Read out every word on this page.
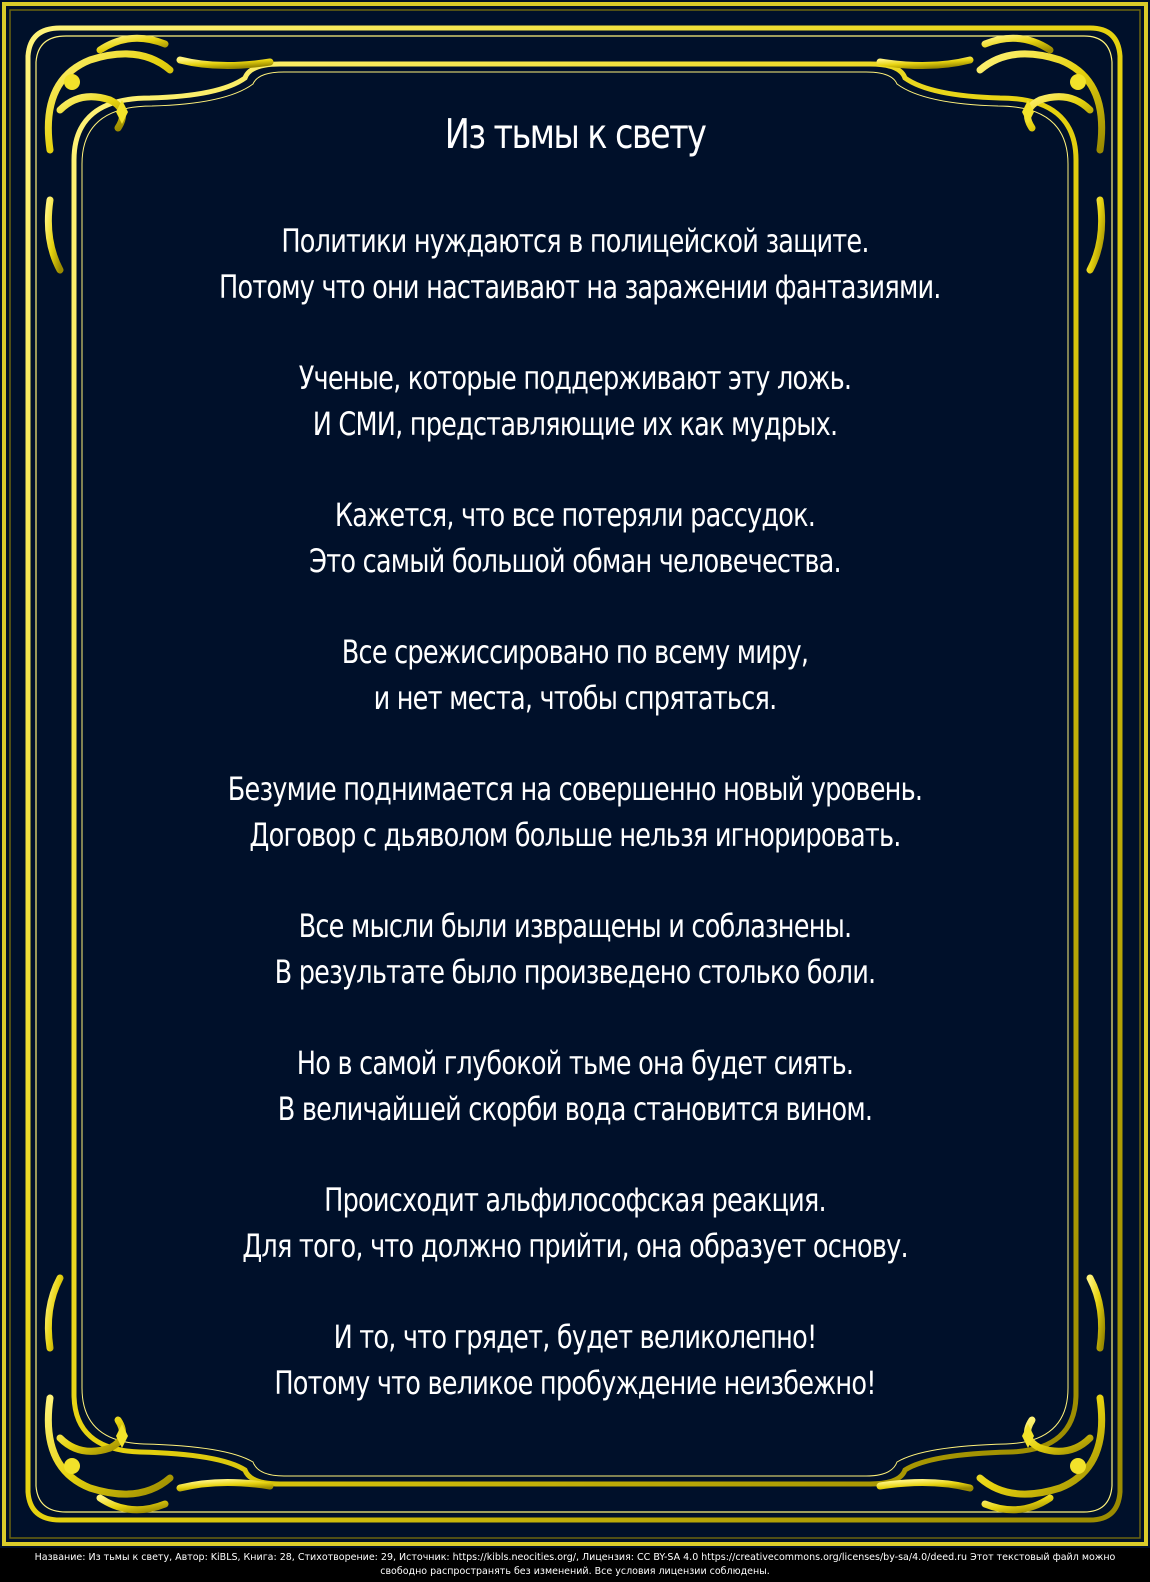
Из тьмы к свету
Политики нуждаются в полицейской защите.
Потому что они настаивают на заражении фантазиями.
Ученые, которые поддерживают эту ложь.
И СМИ, представляющие их как мудрых.
Кажется, что все потеряли рассудок.
Это самый большой обман человечества.
Все срежиссировано по всему миру,
и нет места, чтобы спрятаться.
Безумие поднимается на совершенно новый уровень.
Договор с дьяволом больше нельзя игнорировать.
Все мысли были извращены и соблазнены.
В результате было произведено столько боли.
Но в самой глубокой тьме она будет сиять.
В величайшей скорби вода становится вином.
Происходит альфилософская реакция.
Для того, что должно прийти, она образует основу.
И то, что грядет, будет великолепно!
Потому что великое пробуждение неизбежно!
Название: Из тьмы к свету, Автор: KiBLS, Книга: 28, Стихотворение: 29, Источник: https://kibls.neocities.org/, Лицензия: CC BY-SA 4.0 https://creativecommons.org/licenses/by-sa/4.0/deed.ru Этот текстовый файл можно
свободно распространять без изменений. Все условия лицензии соблюдены.
